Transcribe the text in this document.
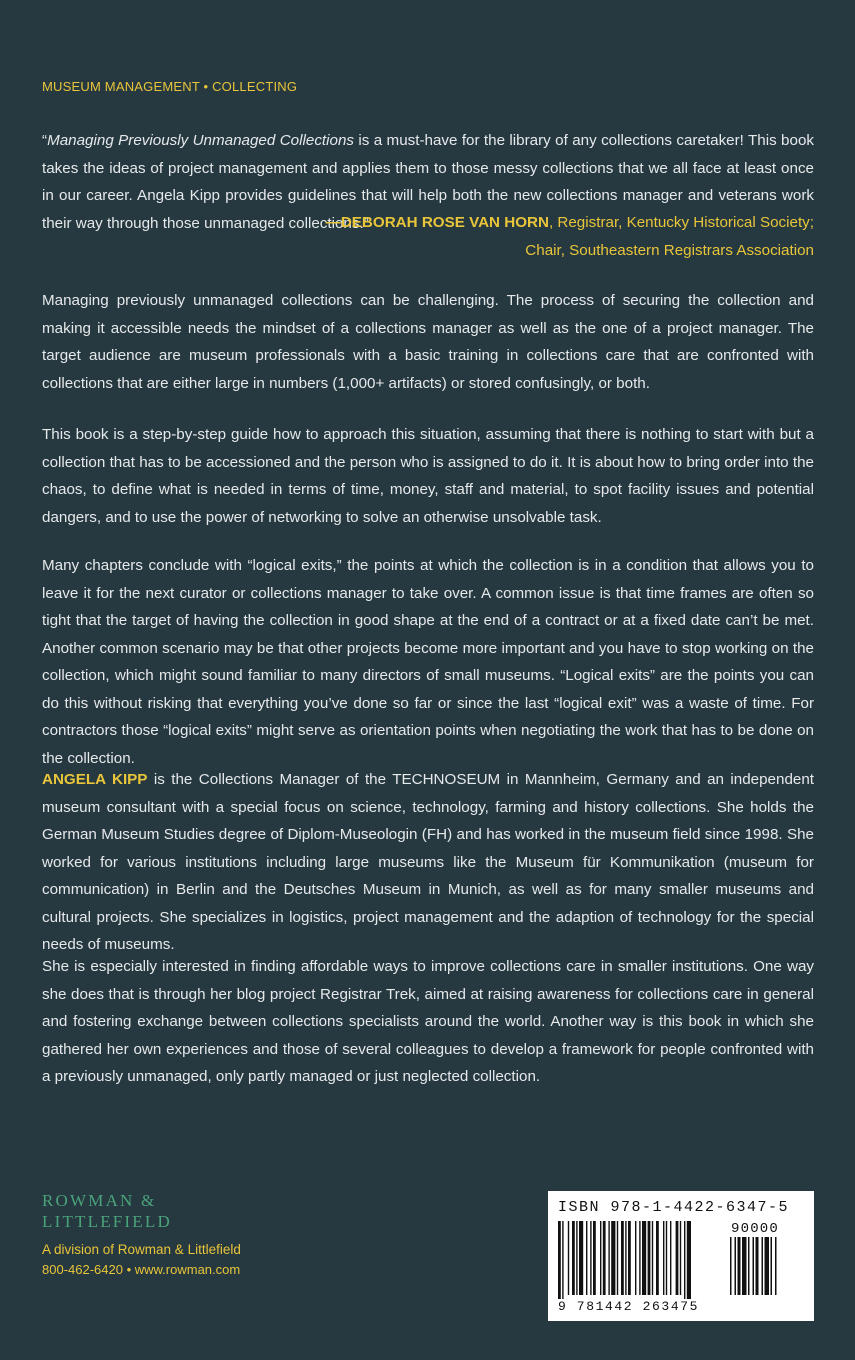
MUSEUM MANAGEMENT • COLLECTING

“Managing Previously Unmanaged Collections is a must-have for the library of any collections caretaker! This book takes the ideas of project management and applies them to those messy collections that we all face at least once in our career. Angela Kipp provides guidelines that will help both the new collections manager and veterans work their way through those unmanaged collections.”

—DEBORAH ROSE VAN HORN, Registrar, Kentucky Historical Society;
Chair, Southeastern Registrars Association

Managing previously unmanaged collections can be challenging. The process of securing the collection and making it accessible needs the mindset of a collections manager as well as the one of a project manager. The target audience are museum professionals with a basic training in collections care that are confronted with collections that are either large in numbers (1,000+ artifacts) or stored confusingly, or both.

This book is a step-by-step guide how to approach this situation, assuming that there is nothing to start with but a collection that has to be accessioned and the person who is assigned to do it. It is about how to bring order into the chaos, to define what is needed in terms of time, money, staff and material, to spot facility issues and potential dangers, and to use the power of networking to solve an otherwise unsolvable task.

Many chapters conclude with “logical exits,” the points at which the collection is in a condition that allows you to leave it for the next curator or collections manager to take over. A common issue is that time frames are often so tight that the target of having the collection in good shape at the end of a contract or at a fixed date can’t be met. Another common scenario may be that other projects become more important and you have to stop working on the collection, which might sound familiar to many directors of small museums. “Logical exits” are the points you can do this without risking that everything you’ve done so far or since the last “logical exit” was a waste of time. For contractors those “logical exits” might serve as orientation points when negotiating the work that has to be done on the collection.

ANGELA KIPP is the Collections Manager of the TECHNOSEUM in Mannheim, Germany and an independent museum consultant with a special focus on science, technology, farming and history collections. She holds the German Museum Studies degree of Diplom-Museologin (FH) and has worked in the museum field since 1998. She worked for various institutions including large museums like the Museum für Kommunikation (museum for communication) in Berlin and the Deutsches Museum in Munich, as well as for many smaller museums and cultural projects. She specializes in logistics, project management and the adaption of technology for the special needs of museums.

She is especially interested in finding affordable ways to improve collections care in smaller institutions. One way she does that is through her blog project Registrar Trek, aimed at raising awareness for collections care in general and fostering exchange between collections specialists around the world. Another way is this book in which she gathered her own experiences and those of several colleagues to develop a framework for people confronted with a previously unmanaged, only partly managed or just neglected collection.

ROWMAN &
LITTLEFIELD
A division of Rowman & Littlefield
800-462-6420 • www.rowman.com
ISBN 978-1-4422-6347-5
90000
9 781442 263475
